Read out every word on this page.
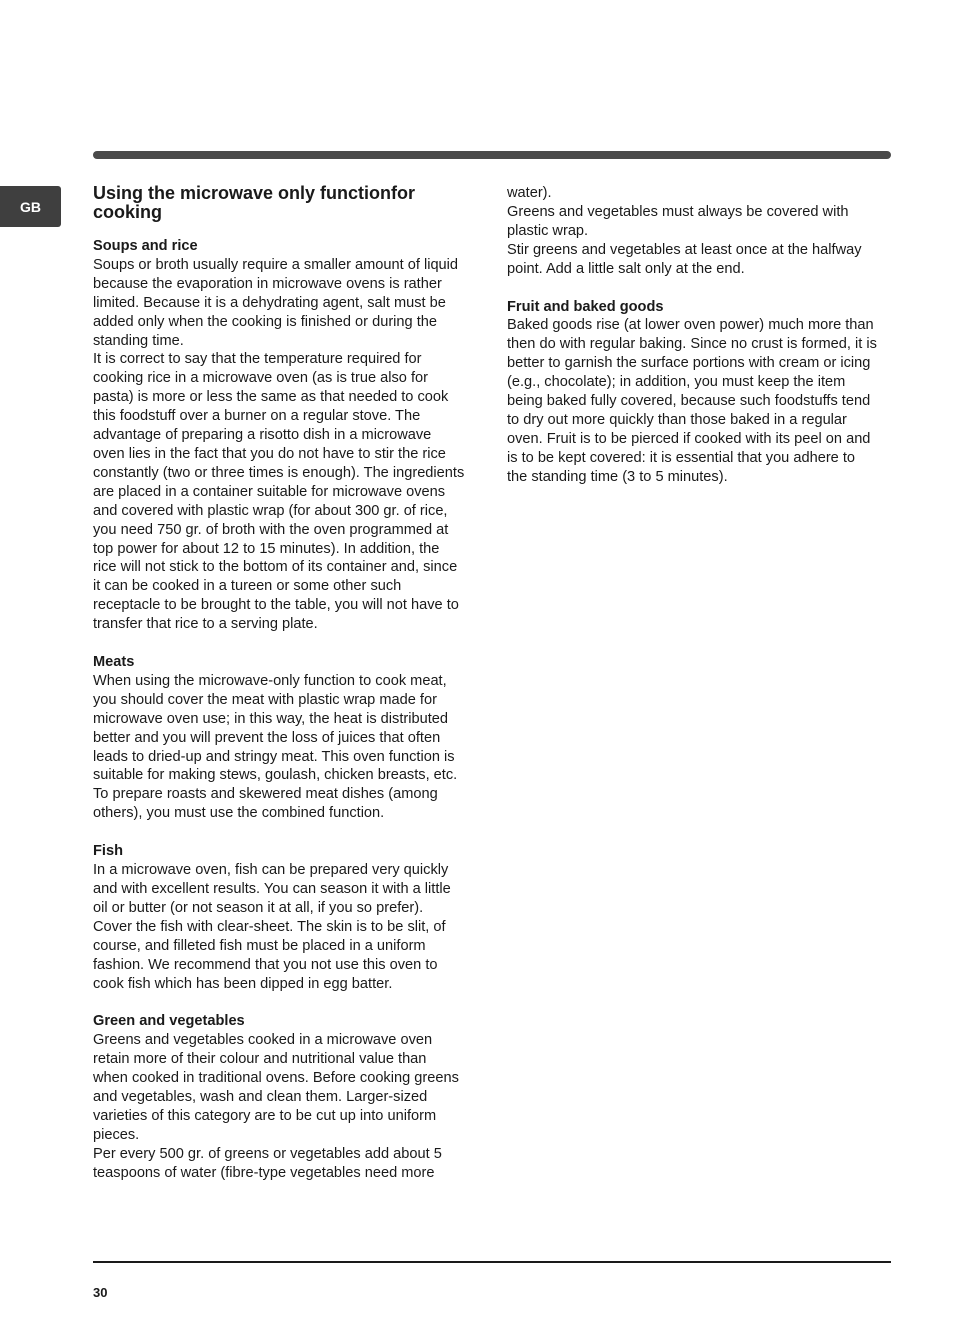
GB
Using the microwave only functionfor cooking
Soups and rice

Soups or broth usually require a smaller amount of liquid because the evaporation in microwave ovens is rather limited. Because it is a dehydrating agent, salt must be added only when the cooking is finished or during the standing time.

It is correct to say that the temperature required for cooking rice in a microwave oven (as is true also for pasta) is more or less the same as that needed to cook this foodstuff over a burner on a regular stove. The advantage of preparing a risotto dish in a microwave oven lies in the fact that you do not have to stir the rice constantly (two or three times is enough). The ingredients are placed in a container suitable for microwave ovens and covered with plastic wrap (for about 300 gr. of rice, you need 750 gr. of broth with the oven programmed at top power for about 12 to 15 minutes). In addition, the rice will not stick to the bottom of its container and, since it can be cooked in a tureen or some other such receptacle to be brought to the table, you will not have to transfer that rice to a serving plate.

Meats

When using the microwave-only function to cook meat, you should cover the meat with plastic wrap made for microwave oven use; in this way, the heat is distributed better and you will prevent the loss of juices that often leads to dried-up and stringy meat. This oven function is suitable for making stews, goulash, chicken breasts, etc. To prepare roasts and skewered meat dishes (among others), you must use the combined function.

Fish

In a microwave oven, fish can be prepared very quickly and with excellent results. You can season it with a little oil or butter (or not season it at all, if you so prefer). Cover the fish with clear-sheet. The skin is to be slit, of course, and filleted fish must be placed in a uniform fashion. We recommend that you not use this oven to cook fish which has been dipped in egg batter.

Green and vegetables

Greens and vegetables cooked in a microwave oven retain more of their colour and nutritional value than when cooked in traditional ovens. Before cooking greens and vegetables, wash and clean them. Larger-sized varieties of this category are to be cut up into uniform pieces.

Per every 500 gr. of greens or vegetables add about 5 teaspoons of water (fibre-type vegetables need more

water).

Greens and vegetables must always be covered with plastic wrap.

Stir greens and vegetables at least once at the halfway point. Add a little salt only at the end.

Fruit and baked goods

Baked goods rise (at lower oven power) much more than then do with regular baking. Since no crust is formed, it is better to garnish the surface portions with cream or icing (e.g., chocolate); in addition, you must keep the item being baked fully covered, because such foodstuffs tend to dry out more quickly than those baked in a regular oven. Fruit is to be pierced if cooked with its peel on and is to be kept covered: it is essential that you adhere to the standing time (3 to 5 minutes).

30
